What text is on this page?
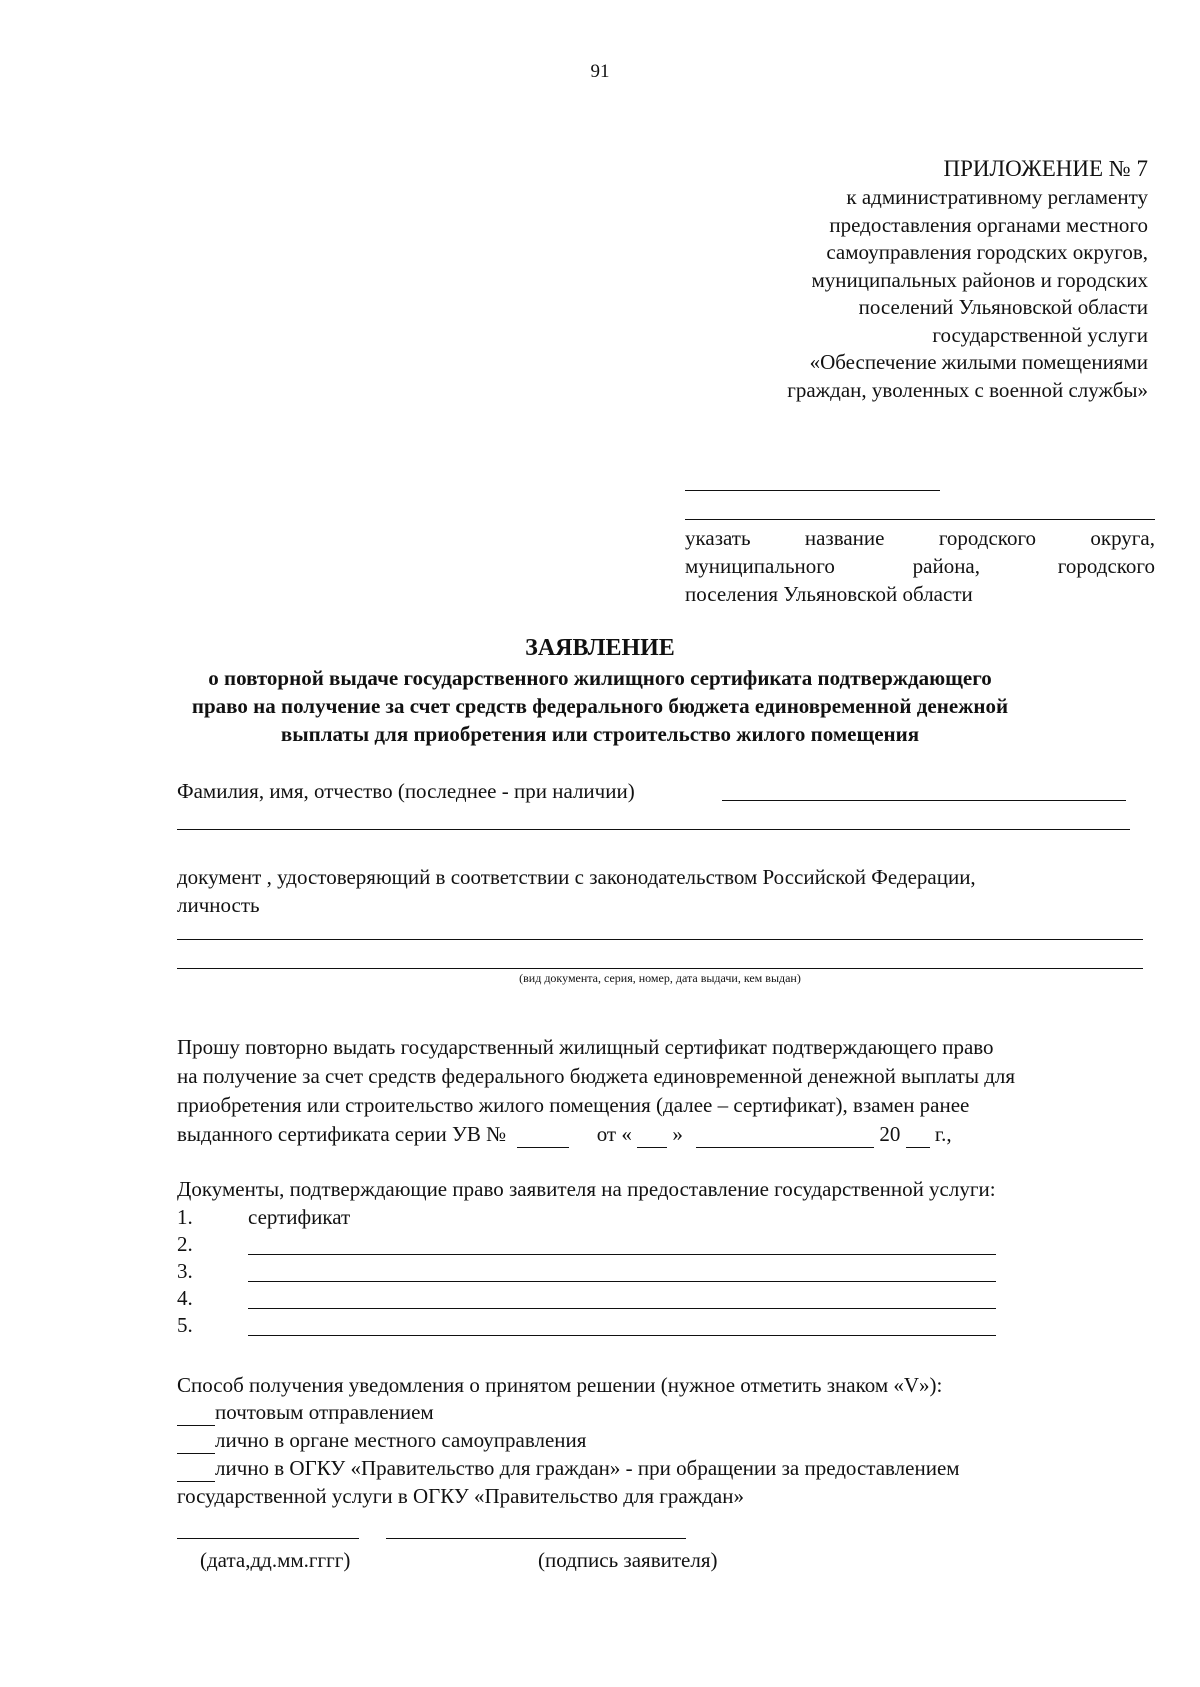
91
ПРИЛОЖЕНИЕ № 7
к административному регламенту
предоставления органами местного
самоуправления городских округов,
муниципальных районов и городских
поселений Ульяновской области
государственной услуги
«Обеспечение жилыми помещениями
граждан, уволенных с военной службы»
указать название городского округа,
муниципального района, городского
поселения Ульяновской области
ЗАЯВЛЕНИЕ
о повторной выдаче государственного жилищного сертификата подтверждающего
право на получение за счет средств федерального бюджета единовременной денежной
выплаты для приобретения или строительство жилого помещения
Фамилия, имя, отчество (последнее - при наличии)
документ , удостоверяющий в соответствии с законодательством Российской Федерации,
личность
(вид документа, серия, номер, дата выдачи, кем выдан)
Прошу повторно выдать государственный жилищный сертификат подтверждающего право
на получение за счет средств федерального бюджета единовременной денежной выплаты для
приобретения или строительство жилого помещения (далее – сертификат), взамен ранее
выданного сертификата серии УВ №	от « »	20 г.,
Документы, подтверждающие право заявителя на предоставление государственной услуги:
1.	сертификат
2.
3.
4.
5.
Способ получения уведомления о принятом решении (нужное отметить знаком «V»):
почтовым отправлением
лично в органе местного самоуправления
лично в ОГКУ «Правительство для граждан» - при обращении за предоставлением
государственной услуги в ОГКУ «Правительство для граждан»
(дата,дд.мм.гггг)	(подпись заявителя)
